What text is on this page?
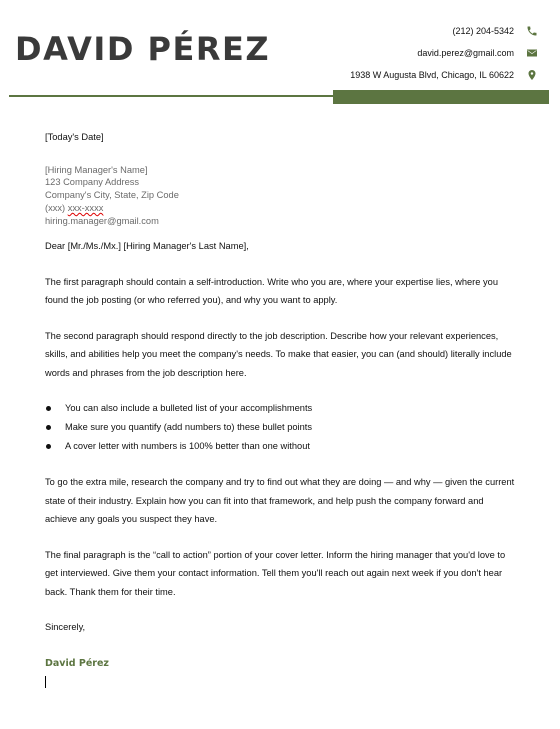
DAVID PÉREZ	(212) 204-5342
david.perez@gmail.com
1938 W Augusta Blvd, Chicago, IL 60622
[Today's Date]
[Hiring Manager's Name]
123 Company Address
Company's City, State, Zip Code
(xxx) xxx-xxxx
hiring.manager@gmail.com
Dear [Mr./Ms./Mx.] [Hiring Manager's Last Name],

The first paragraph should contain a self-introduction. Write who you are, where your expertise lies, where you found the job posting (or who referred you), and why you want to apply.

The second paragraph should respond directly to the job description. Describe how your relevant experiences, skills, and abilities help you meet the company's needs. To make that easier, you can (and should) literally include words and phrases from the job description here.

You can also include a bulleted list of your accomplishments
Make sure you quantify (add numbers to) these bullet points
A cover letter with numbers is 100% better than one without

To go the extra mile, research the company and try to find out what they are doing — and why — given the current state of their industry. Explain how you can fit into that framework, and help push the company forward and achieve any goals you suspect they have.

The final paragraph is the “call to action” portion of your cover letter. Inform the hiring manager that you'd love to get interviewed. Give them your contact information. Tell them you'll reach out again next week if you don't hear back. Thank them for their time.

Sincerely,
David Pérez
